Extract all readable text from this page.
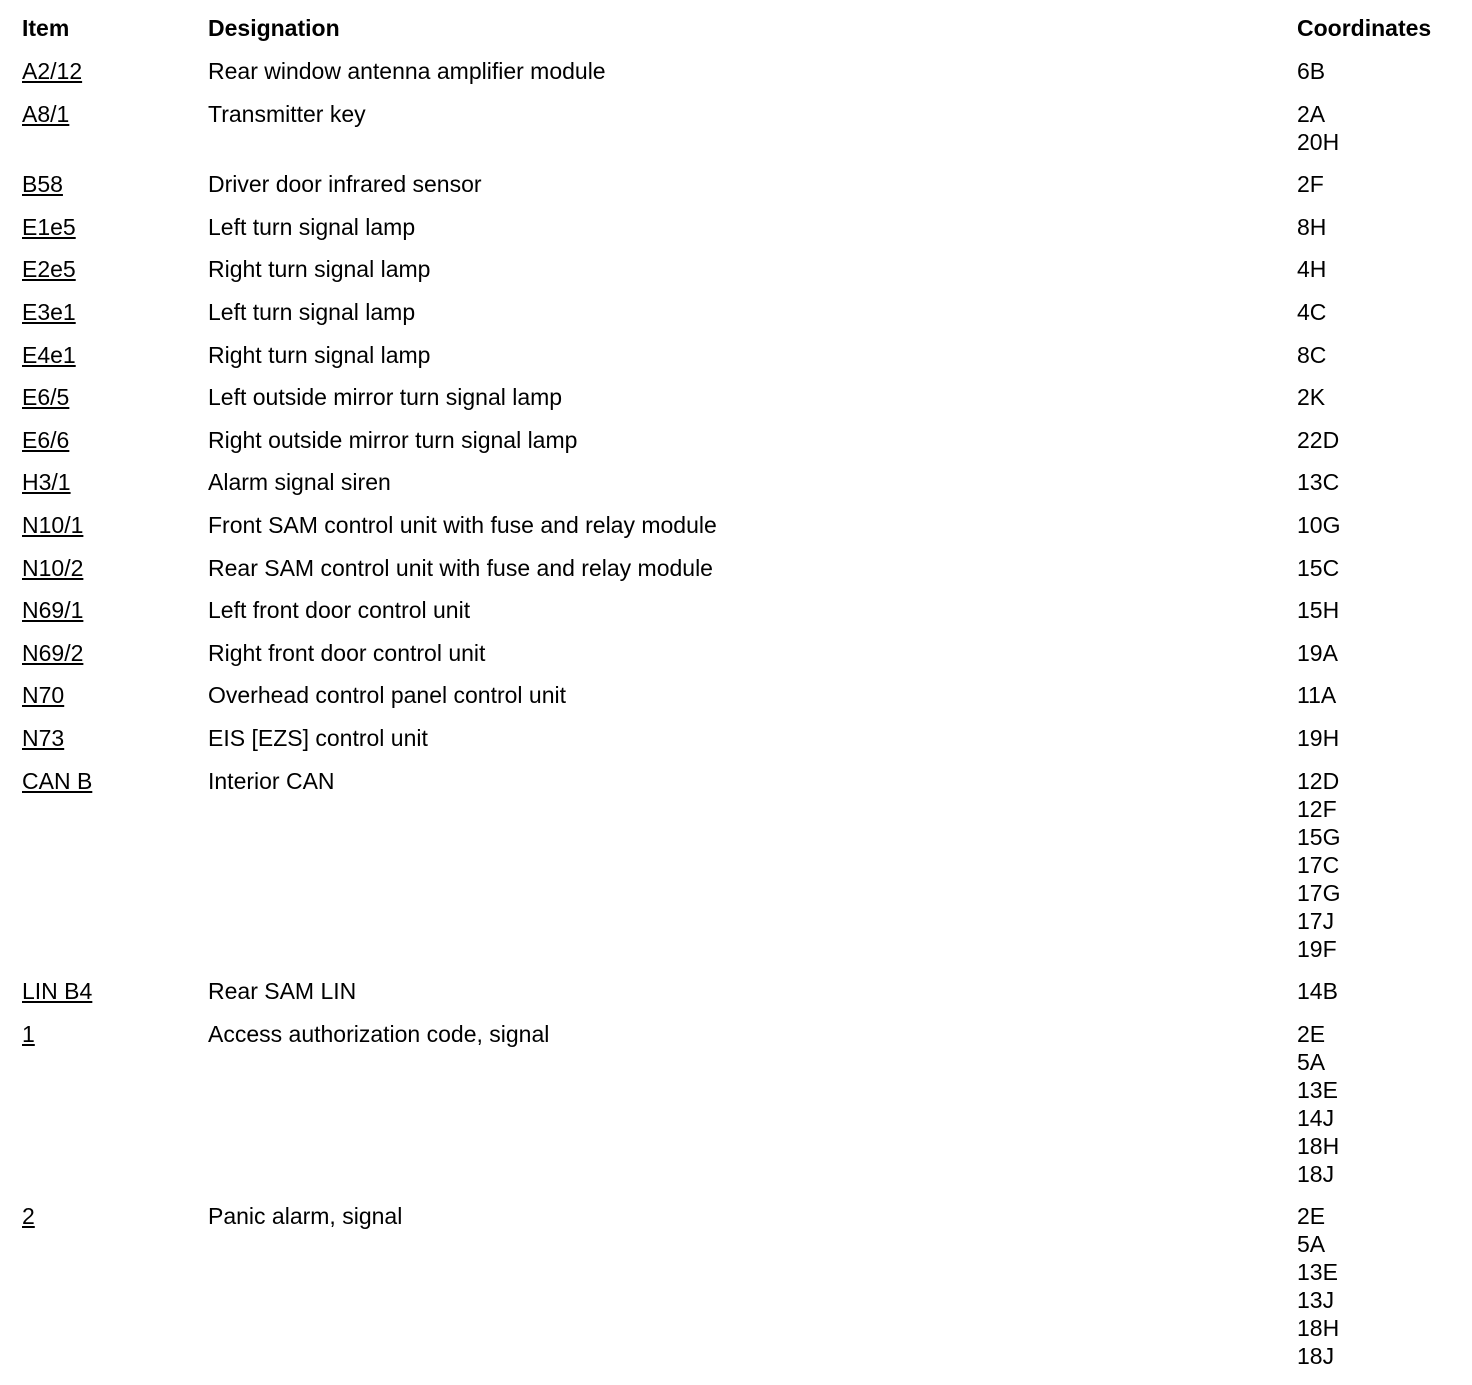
Item	Designation	Coordinates
A2/12	Rear window antenna amplifier module	6B
A8/1	Transmitter key	2A
20H
B58	Driver door infrared sensor	2F
E1e5	Left turn signal lamp	8H
E2e5	Right turn signal lamp	4H
E3e1	Left turn signal lamp	4C
E4e1	Right turn signal lamp	8C
E6/5	Left outside mirror turn signal lamp	2K
E6/6	Right outside mirror turn signal lamp	22D
H3/1	Alarm signal siren	13C
N10/1	Front SAM control unit with fuse and relay module	10G
N10/2	Rear SAM control unit with fuse and relay module	15C
N69/1	Left front door control unit	15H
N69/2	Right front door control unit	19A
N70	Overhead control panel control unit	11A
N73	EIS [EZS] control unit	19H
CAN B	Interior CAN	12D
12F
15G
17C
17G
17J
19F
LIN B4	Rear SAM LIN	14B
1	Access authorization code, signal	2E
5A
13E
14J
18H
18J
2	Panic alarm, signal	2E
5A
13E
13J
18H
18J
